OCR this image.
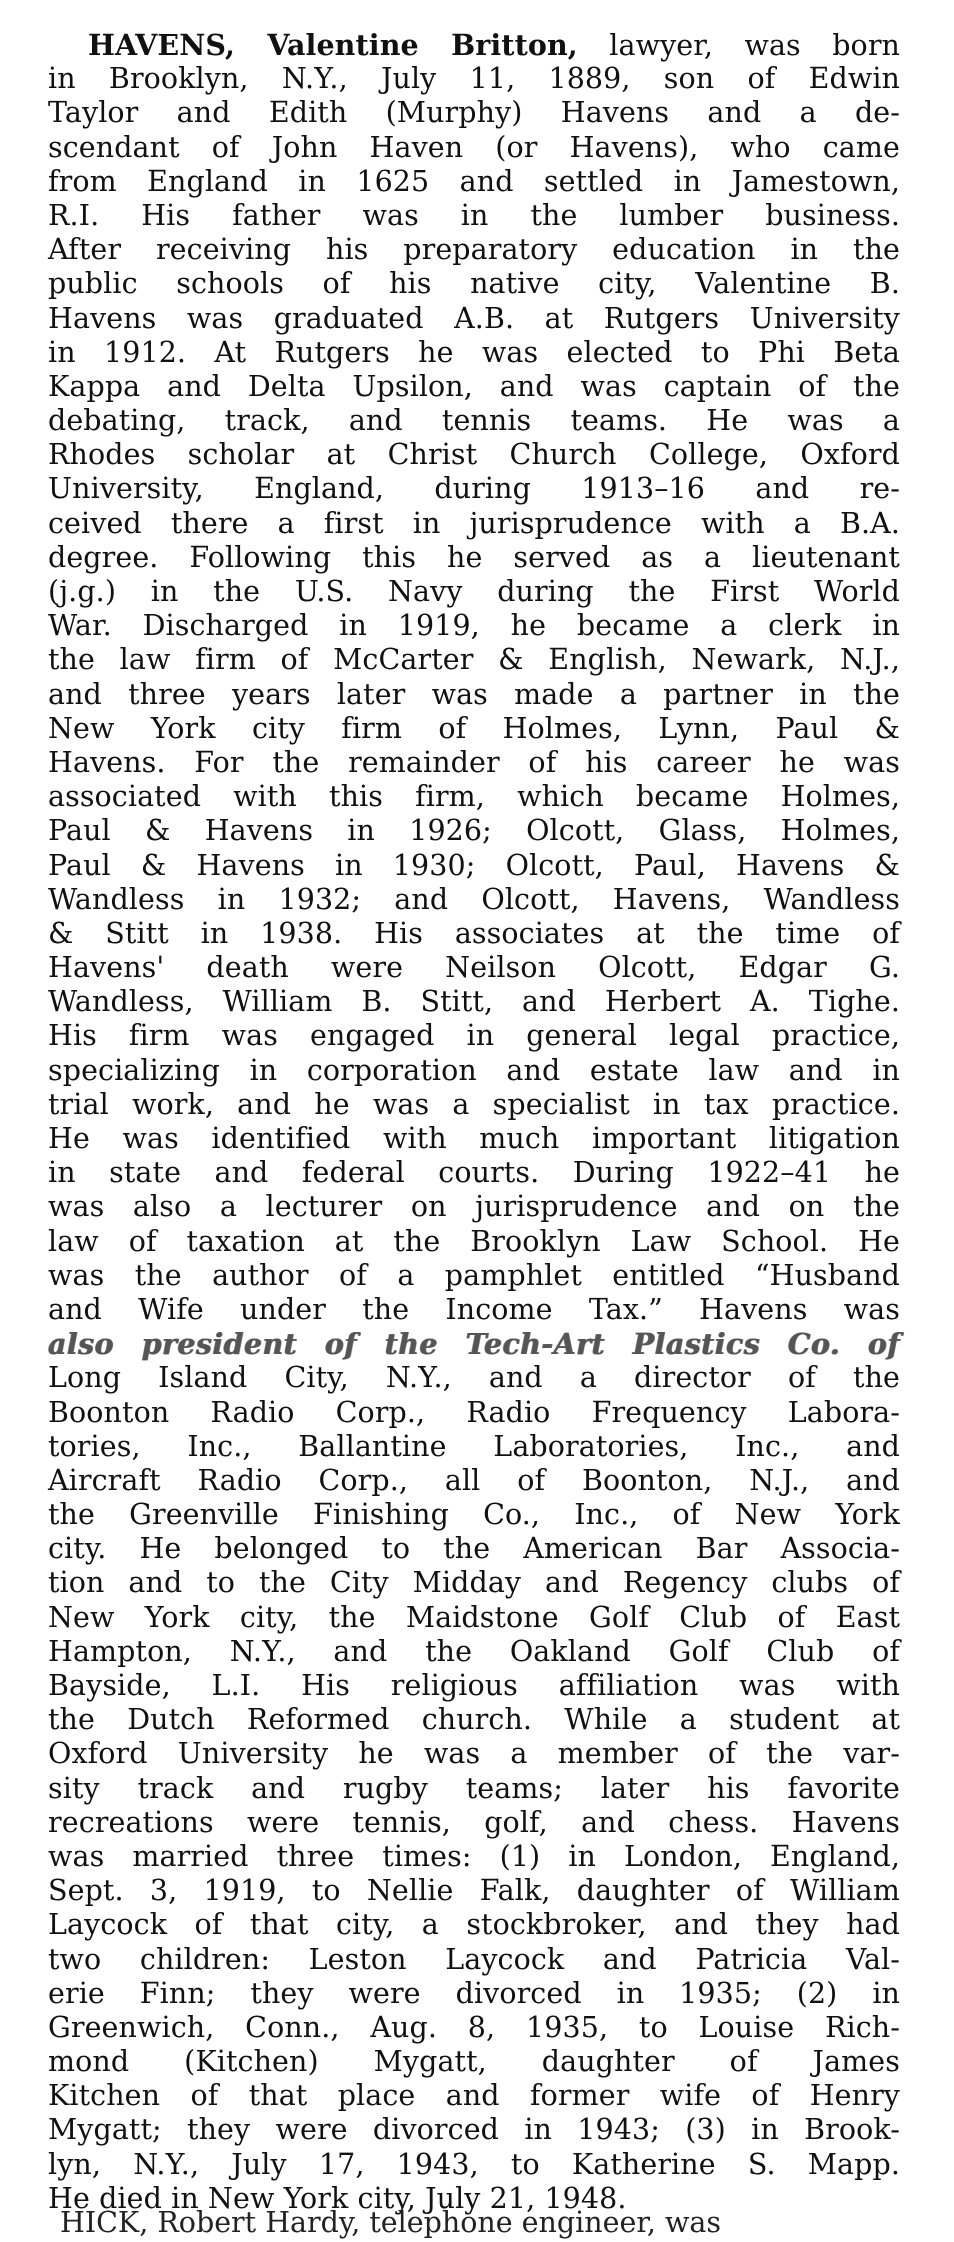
HAVENS, Valentine Britton, lawyer, was born
in Brooklyn, N.Y., July 11, 1889, son of Edwin
Taylor and Edith (Murphy) Havens and a de-
scendant of John Haven (or Havens), who came
from England in 1625 and settled in Jamestown,
R.I. His father was in the lumber business.
After receiving his preparatory education in the
public schools of his native city, Valentine B.
Havens was graduated A.B. at Rutgers University
in 1912. At Rutgers he was elected to Phi Beta
Kappa and Delta Upsilon, and was captain of the
debating, track, and tennis teams. He was a
Rhodes scholar at Christ Church College, Oxford
University, England, during 1913–16 and re-
ceived there a first in jurisprudence with a B.A.
degree. Following this he served as a lieutenant
(j.g.) in the U.S. Navy during the First World
War. Discharged in 1919, he became a clerk in
the law firm of McCarter & English, Newark, N.J.,
and three years later was made a partner in the
New York city firm of Holmes, Lynn, Paul &
Havens. For the remainder of his career he was
associated with this firm, which became Holmes,
Paul & Havens in 1926; Olcott, Glass, Holmes,
Paul & Havens in 1930; Olcott, Paul, Havens &
Wandless in 1932; and Olcott, Havens, Wandless
& Stitt in 1938. His associates at the time of
Havens' death were Neilson Olcott, Edgar G.
Wandless, William B. Stitt, and Herbert A. Tighe.
His firm was engaged in general legal practice,
specializing in corporation and estate law and in
trial work, and he was a specialist in tax practice.
He was identified with much important litigation
in state and federal courts. During 1922–41 he
was also a lecturer on jurisprudence and on the
law of taxation at the Brooklyn Law School. He
was the author of a pamphlet entitled “Husband
and Wife under the Income Tax.” Havens was
also president of the Tech-Art Plastics Co. of
Long Island City, N.Y., and a director of the
Boonton Radio Corp., Radio Frequency Labora-
tories, Inc., Ballantine Laboratories, Inc., and
Aircraft Radio Corp., all of Boonton, N.J., and
the Greenville Finishing Co., Inc., of New York
city. He belonged to the American Bar Associa-
tion and to the City Midday and Regency clubs of
New York city, the Maidstone Golf Club of East
Hampton, N.Y., and the Oakland Golf Club of
Bayside, L.I. His religious affiliation was with
the Dutch Reformed church. While a student at
Oxford University he was a member of the var-
sity track and rugby teams; later his favorite
recreations were tennis, golf, and chess. Havens
was married three times: (1) in London, England,
Sept. 3, 1919, to Nellie Falk, daughter of William
Laycock of that city, a stockbroker, and they had
two children: Leston Laycock and Patricia Val-
erie Finn; they were divorced in 1935; (2) in
Greenwich, Conn., Aug. 8, 1935, to Louise Rich-
mond (Kitchen) Mygatt, daughter of James
Kitchen of that place and former wife of Henry
Mygatt; they were divorced in 1943; (3) in Brook-
lyn, N.Y., July 17, 1943, to Katherine S. Mapp.
He died in New York city, July 21, 1948.
HICK, Robert Hardy, telephone engineer, was
